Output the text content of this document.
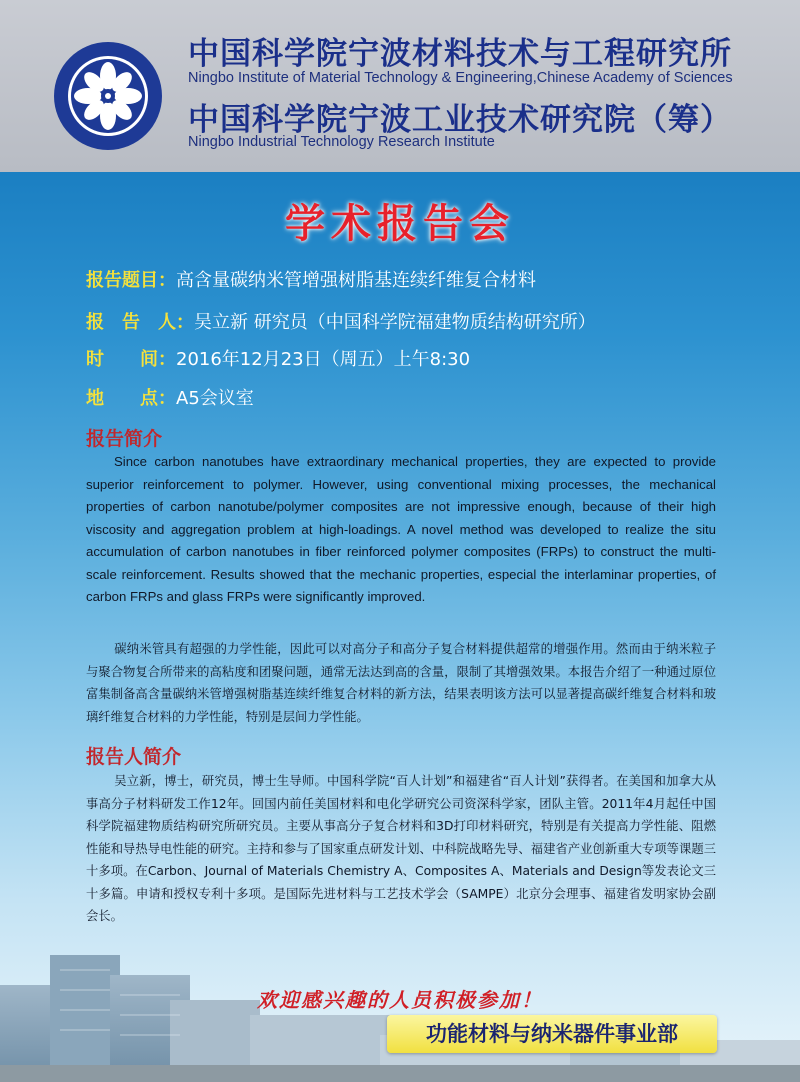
中国科学院宁波材料技术与工程研究所
Ningbo Institute of Material Technology & Engineering,Chinese Academy of Sciences
中国科学院宁波工业技术研究院（筹）
Ningbo Industrial Technology Research Institute
学术报告会
报告题目：高含量碳纳米管增强树脂基连续纤维复合材料
报　告　人：吴立新 研究员（中国科学院福建物质结构研究所）
时　　间：2016年12月23日（周五）上午8:30
地　　点：A5会议室
报告简介
Since carbon nanotubes have extraordinary mechanical properties, they are expected to provide superior reinforcement to polymer. However, using conventional mixing processes, the mechanical properties of carbon nanotube/polymer composites are not impressive enough, because of their high viscosity and aggregation problem at high-loadings. A novel method was developed to realize the situ accumulation of carbon nanotubes in fiber reinforced polymer composites (FRPs) to construct the multi-scale reinforcement. Results showed that the mechanic properties, especial the interlaminar properties, of carbon FRPs and glass FRPs were significantly improved.
碳纳米管具有超强的力学性能，因此可以对高分子和高分子复合材料提供超常的增强作用。然而由于纳米粒子与聚合物复合所带来的高粘度和团聚问题，通常无法达到高的含量，限制了其增强效果。本报告介绍了一种通过原位富集制备高含量碳纳米管增强树脂基连续纤维复合材料的新方法，结果表明该方法可以显著提高碳纤维复合材料和玻璃纤维复合材料的力学性能，特别是层间力学性能。
报告人简介
吴立新，博士，研究员，博士生导师。中国科学院“百人计划”和福建省“百人计划”获得者。在美国和加拿大从事高分子材料研发工作12年。回国内前任美国材料和电化学研究公司资深科学家，团队主管。2011年4月起任中国科学院福建物质结构研究所研究员。主要从事高分子复合材料和3D打印材料研究，特别是有关提高力学性能、阻燃性能和导热导电性能的研究。主持和参与了国家重点研发计划、中科院战略先导、福建省产业创新重大专项等课题三十多项。在Carbon、Journal of Materials Chemistry A、Composites A、Materials and Design等发表论文三十多篇。申请和授权专利十多项。是国际先进材料与工艺技术学会（SAMPE）北京分会理事、福建省发明家协会副会长。
欢迎感兴趣的人员积极参加！
功能材料与纳米器件事业部
